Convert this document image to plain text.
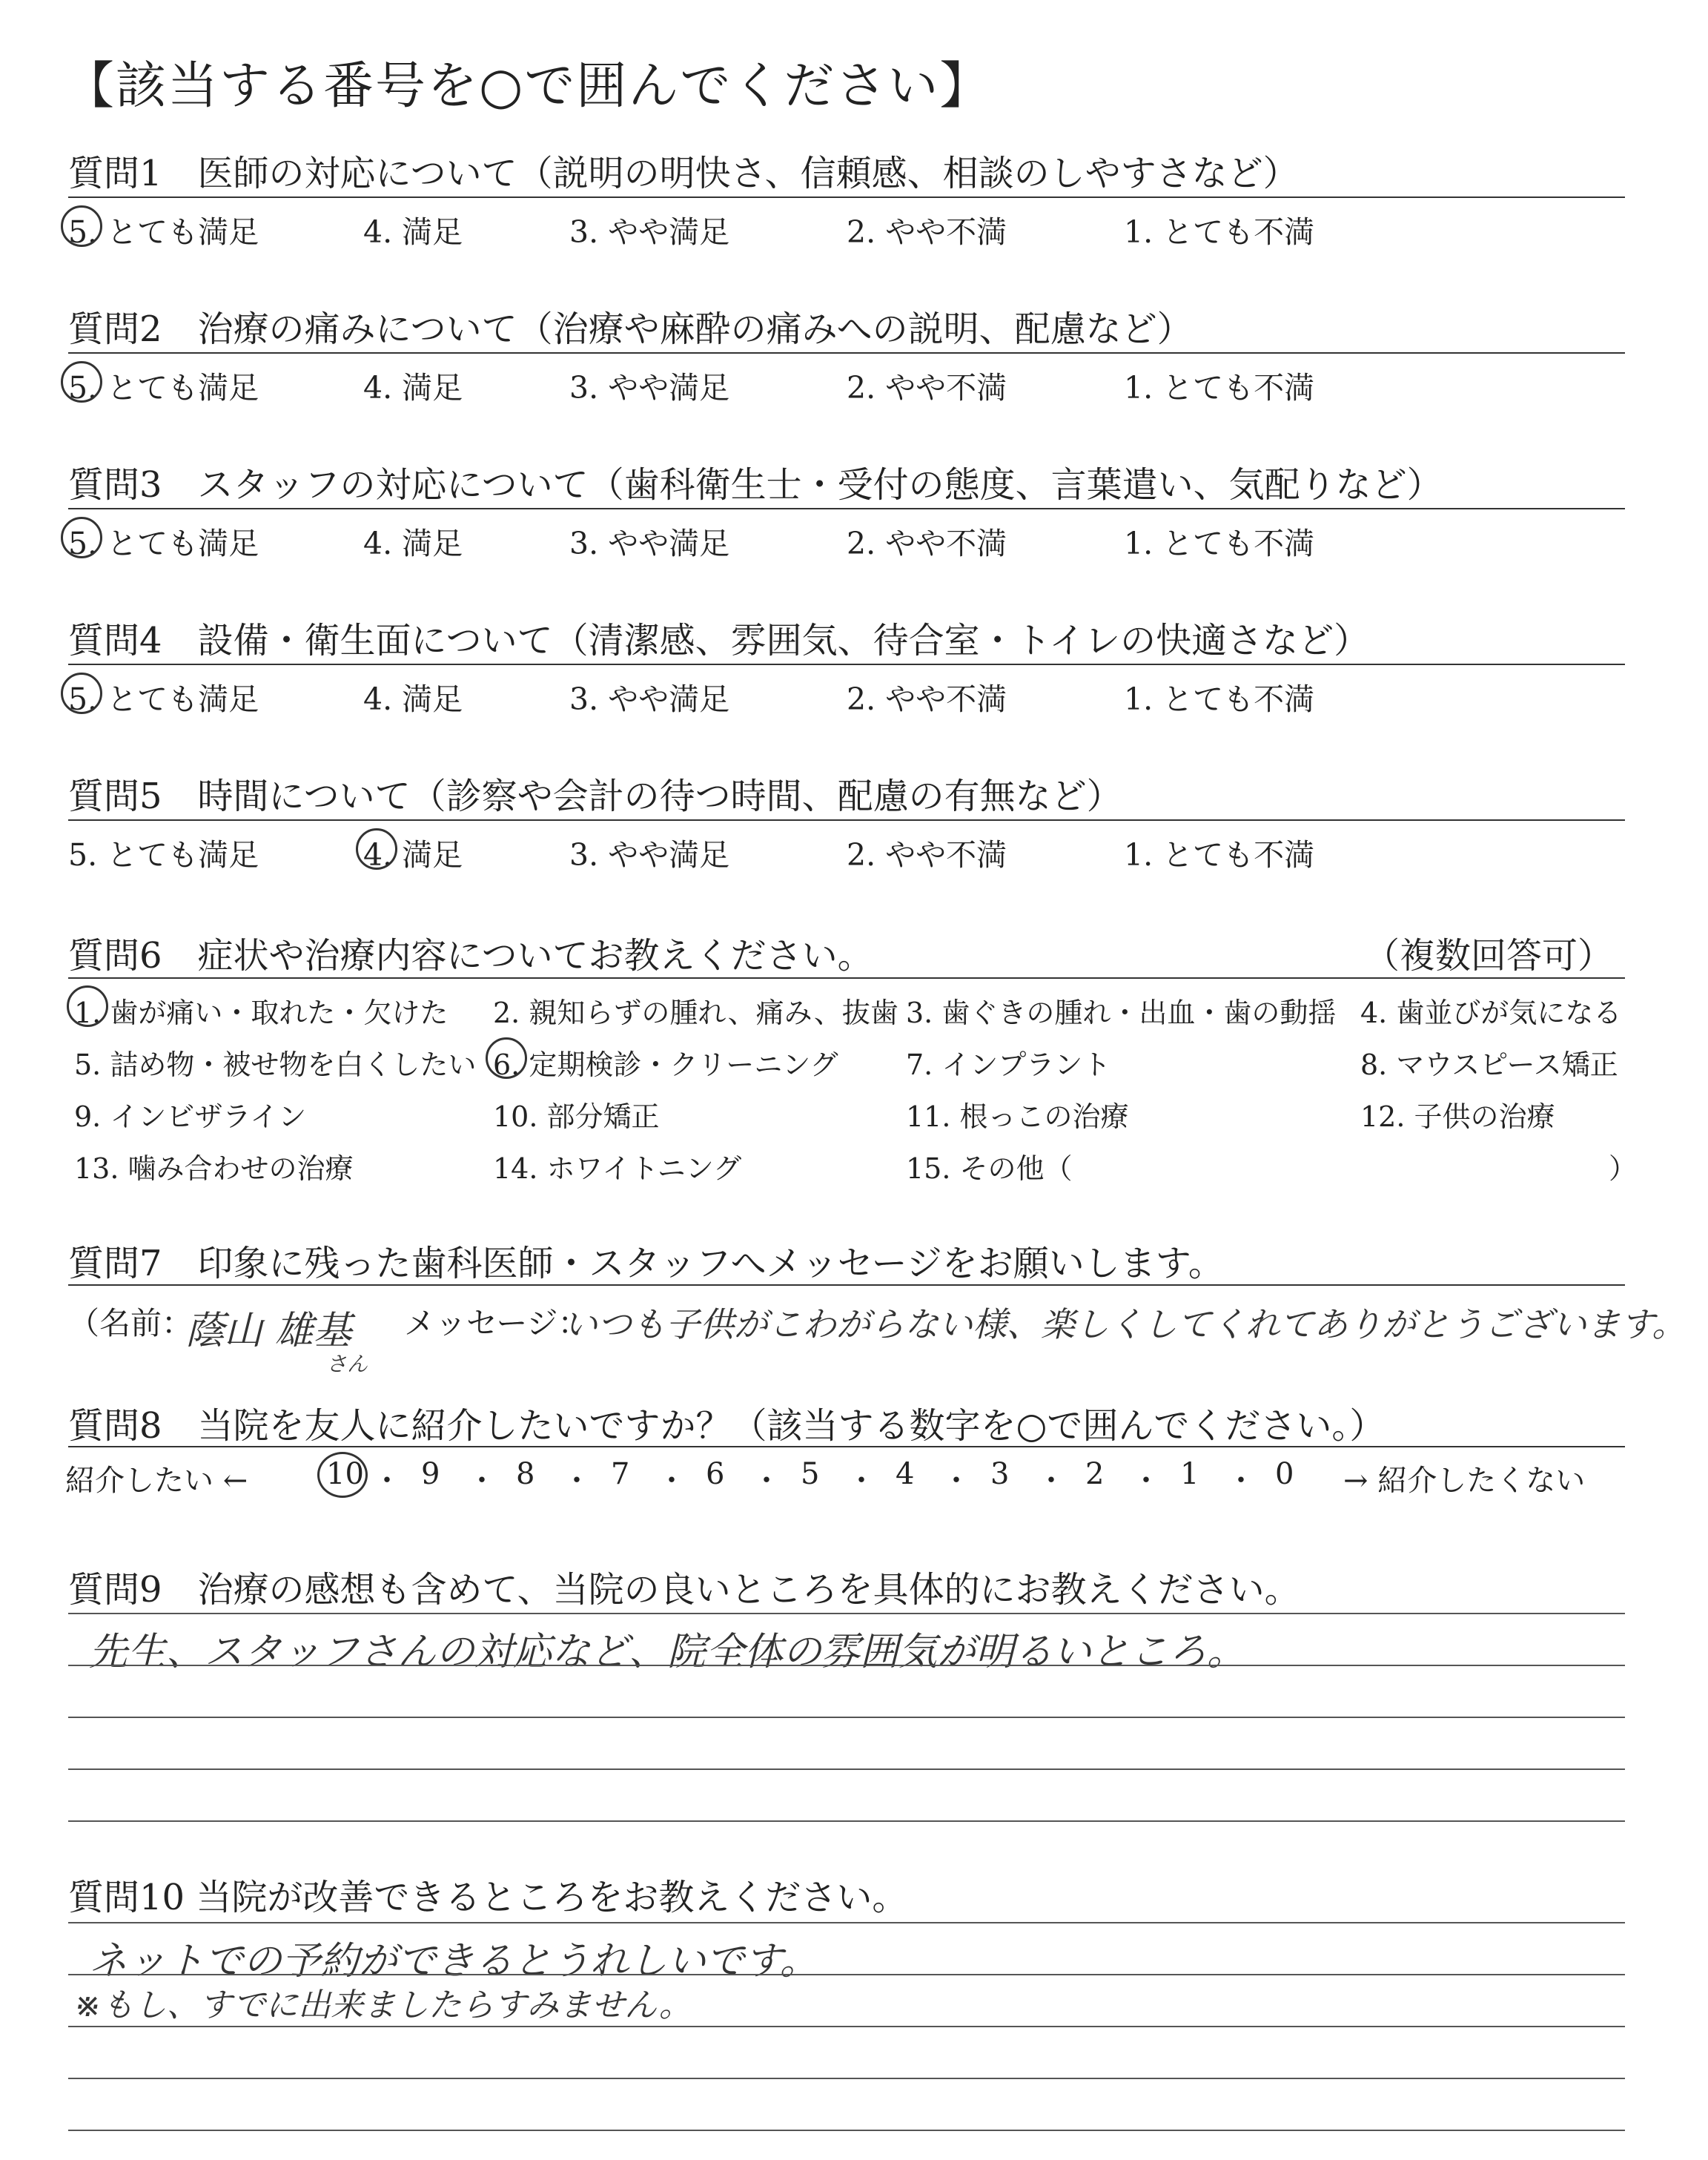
【該当する番号を○で囲んでください】
質問1　医師の対応について（説明の明快さ、信頼感、相談のしやすさなど）
5. とても満足	4. 満足	3. やや満足	2. やや不満	1. とても不満
質問2　治療の痛みについて（治療や麻酔の痛みへの説明、配慮など）
5. とても満足	4. 満足	3. やや満足	2. やや不満	1. とても不満
質問3　スタッフの対応について（歯科衛生士・受付の態度、言葉遣い、気配りなど）
5. とても満足	4. 満足	3. やや満足	2. やや不満	1. とても不満
質問4　設備・衛生面について（清潔感、雰囲気、待合室・トイレの快適さなど）
5. とても満足	4. 満足	3. やや満足	2. やや不満	1. とても不満
質問5　時間について（診察や会計の待つ時間、配慮の有無など）
5. とても満足	4. 満足	3. やや満足	2. やや不満	1. とても不満
質問6　症状や治療内容についてお教えください。	（複数回答可）
1. 歯が痛い・取れた・欠けた 2. 親知らずの腫れ、痛み、抜歯 3. 歯ぐきの腫れ・出血・歯の動揺 4. 歯並びが気になる
5. 詰め物・被せ物を白くしたい 6. 定期検診・クリーニング 7. インプラント	8. マウスピース矯正
9. インビザライン	10. 部分矯正	11. 根っこの治療	12. 子供の治療
13. 噛み合わせの治療	14. ホワイトニング	15. その他（	）
質問7　印象に残った歯科医師・スタッフへメッセージをお願いします。
（名前：
蔭山 雄基
さん
メッセージ：
いつも子供がこわがらない様、楽しくしてくれてありがとうございます。
質問8　当院を友人に紹介したいですか？（該当する数字を○で囲んでください。）
紹介したい ←	10 ・ 9 ・ 8 ・ 7 ・ 6 ・ 5 ・ 4 ・ 3 ・ 2 ・ 1 ・ 0 → 紹介したくない
質問9　治療の感想も含めて、当院の良いところを具体的にお教えください。
先生、スタッフさんの対応など、院全体の雰囲気が明るいところ。
質問10 当院が改善できるところをお教えください。
ネットでの予約ができるとうれしいです。
※もし、すでに出来ましたらすみません。
